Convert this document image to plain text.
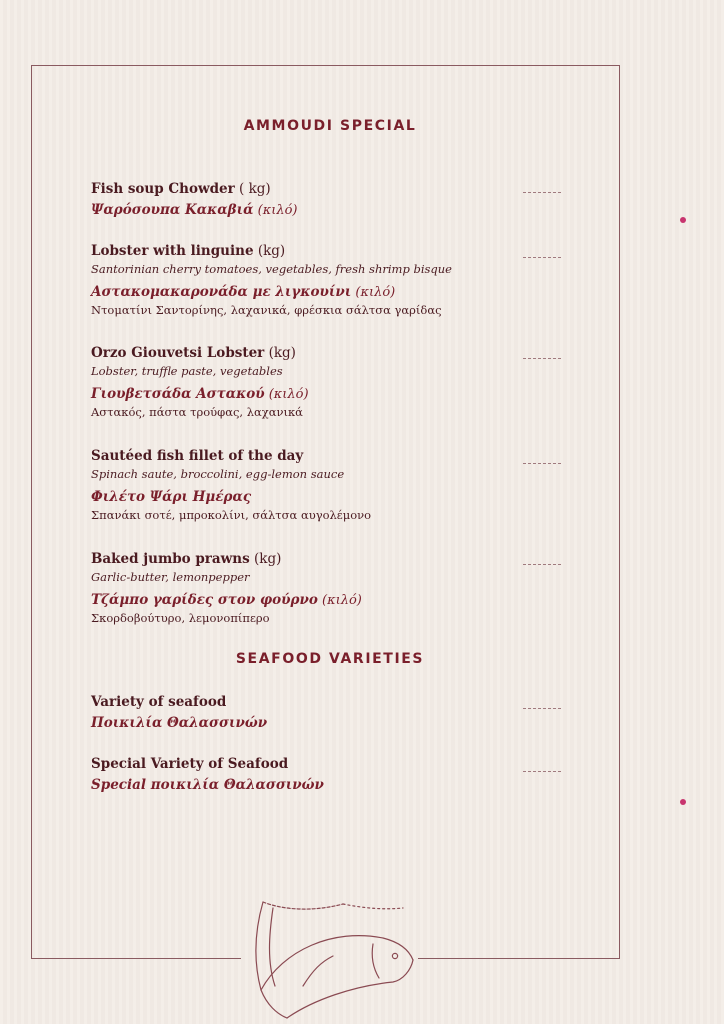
AMMOUDI SPECIAL
Fish soup Chowder ( kg)
Ψαρόσουπα Κακαβιά (κιλό)
Lobster with linguine (kg)
Santorinian cherry tomatoes, vegetables, fresh shrimp bisque
Αστακομακαρονάδα με λιγκουίνι (κιλό)
Ντοματίνι Σαντορίνης, λαχανικά, φρέσκια σάλτσα γαρίδας
Orzo Giouvetsi Lobster (kg)
Lobster, truffle paste, vegetables
Γιουβετσάδα Αστακού (κιλό)
Αστακός, πάστα τρούφας, λαχανικά
Sautéed fish fillet of the day
Spinach saute, broccolini, egg-lemon sauce
Φιλέτο Ψάρι Ημέρας
Σπανάκι σοτέ, μπροκολίνι, σάλτσα αυγολέμονο
Baked jumbo prawns (kg)
Garlic-butter, lemonpepper
Τζάμπο γαρίδες στον φούρνο (κιλό)
Σκορδοβούτυρο, λεμονοπίπερο
SEAFOOD VARIETIES
Variety of seafood
Ποικιλία Θαλασσινών
Special Variety of Seafood
Special ποικιλία Θαλασσινών
